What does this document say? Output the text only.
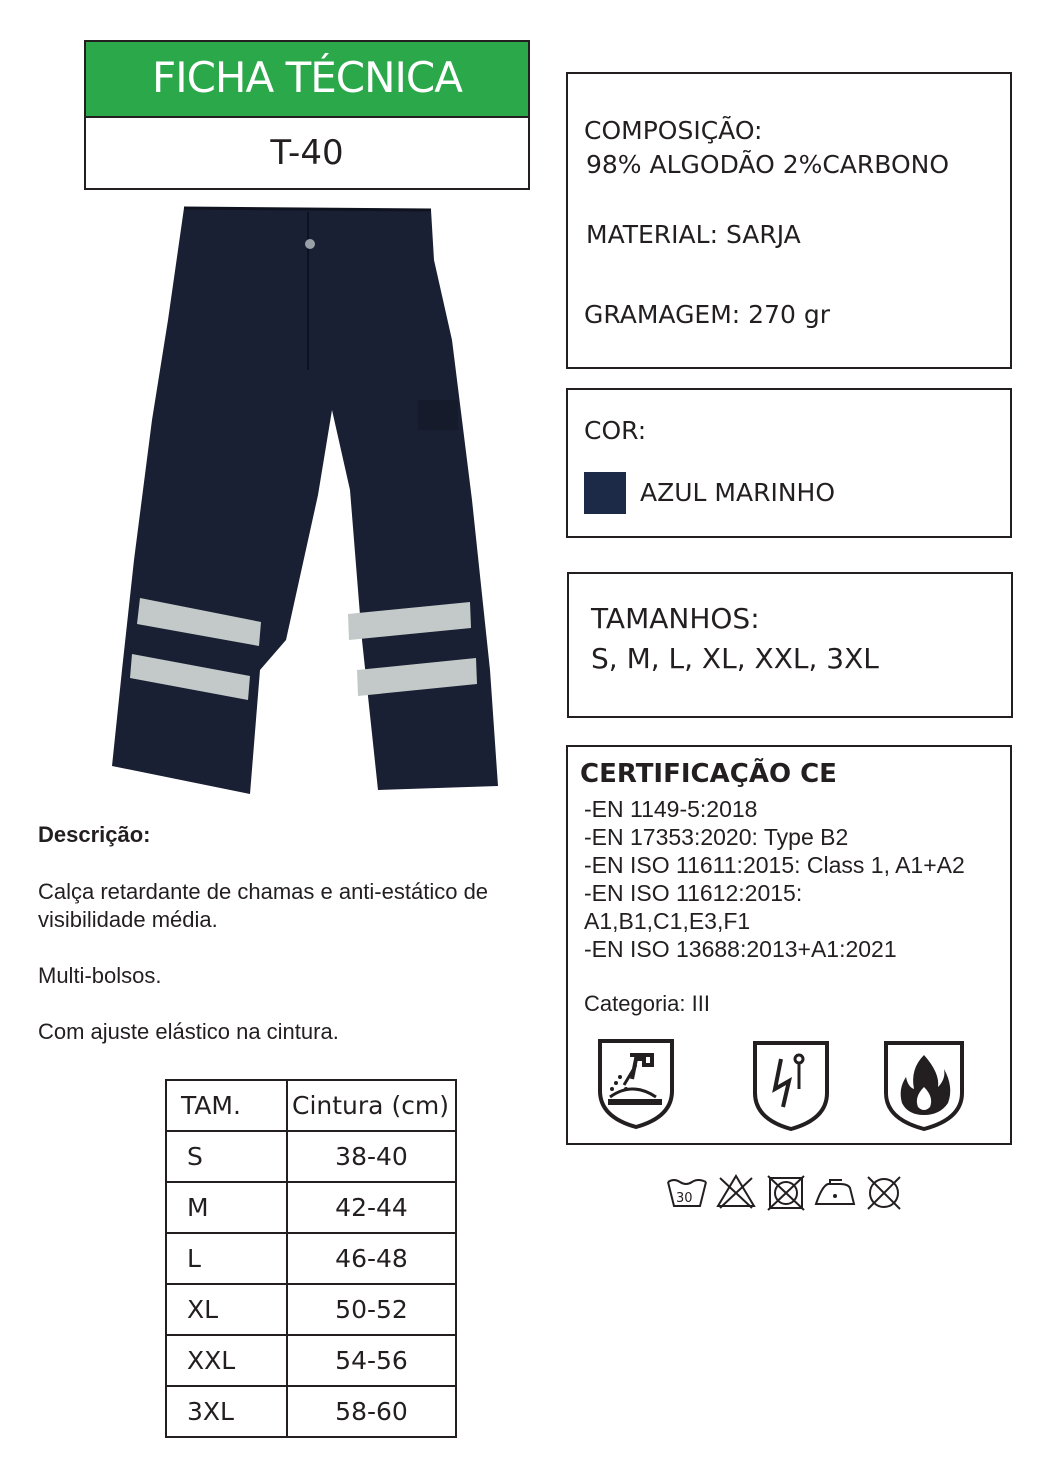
FICHA TÉCNICA
T-40
COMPOSIÇÃO:
98% ALGODÃO 2%CARBONO
MATERIAL: SARJA
GRAMAGEM: 270 gr
COR:
AZUL MARINHO
TAMANHOS:
S, M, L, XL, XXL, 3XL
CERTIFICAÇÃO CE
-EN 1149-5:2018
-EN 17353:2020: Type B2
-EN ISO 11611:2015: Class 1, A1+A2
-EN ISO 11612:2015:
A1,B1,C1,E3,F1
-EN ISO 13688:2013+A1:2021
Categoria: III
30
Descrição:
Calça retardante de chamas e anti-estático de
visibilidade média.
Multi-bolsos.
Com ajuste elástico na cintura.
TAM.	Cintura (cm)
S	38-40
M	42-44
L	46-48
XL	50-52
XXL	54-56
3XL	58-60
